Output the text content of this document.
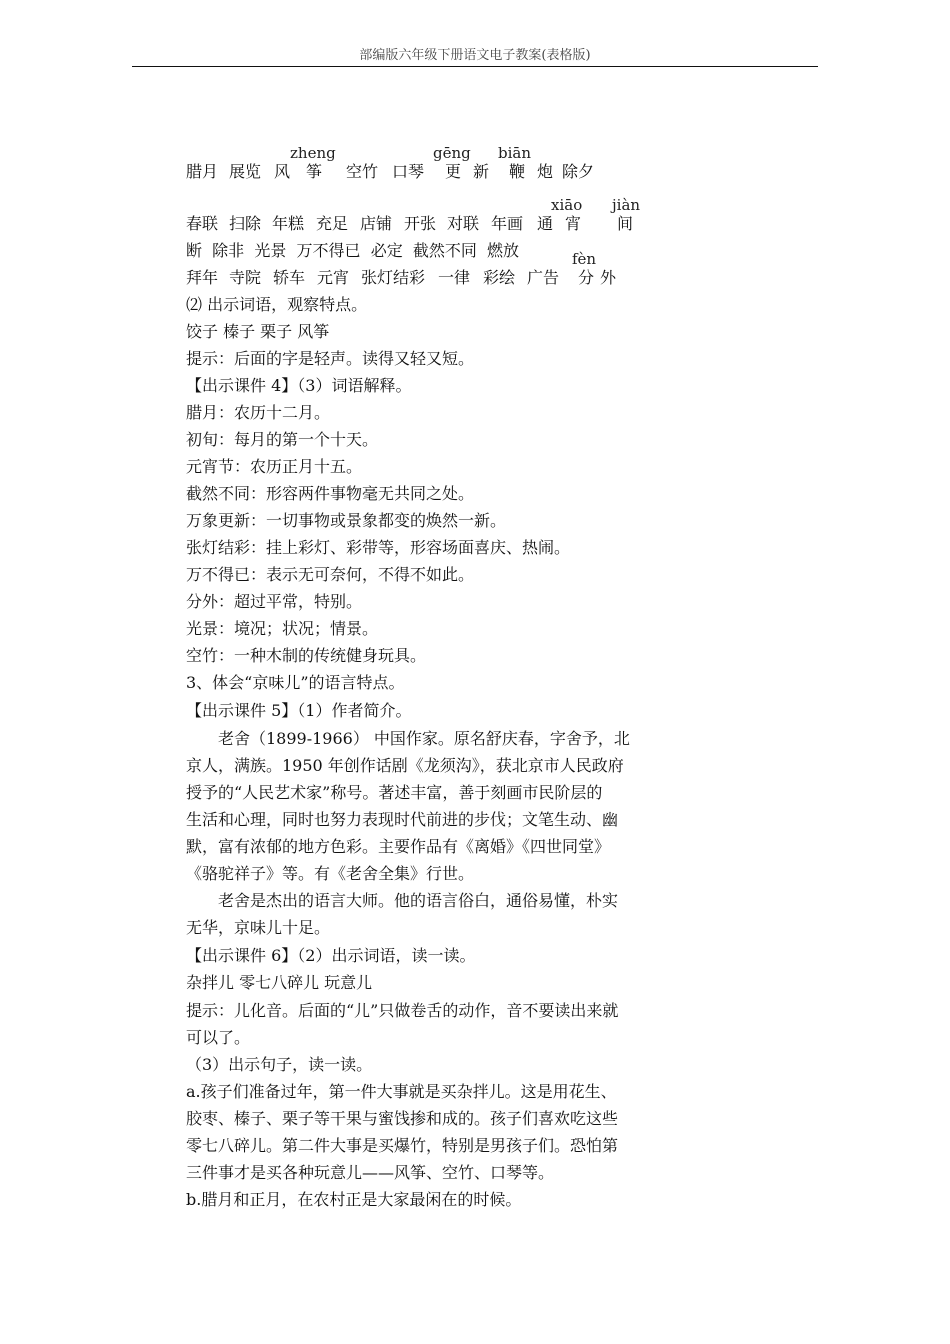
部编版六年级下册语文电子教案(表格版)
zheng	gēng biān
腊月 展览 风 筝 空竹 口琴 更 新 鞭 炮 除夕
xiāo jiàn
春联 扫除 年糕 充足 店铺 开张 对联 年画 通 宵 间
断  除非  光景  万不得已  必定  截然不同  燃放	fèn
拜年 寺院 轿车 元宵 张灯结彩 一律 彩绘 广告 分 外
⑵ 出示词语，观察特点。
饺子 榛子 栗子 风筝
提示：后面的字是轻声。读得又轻又短。
【出示课件 4】（3）词语解释。
腊月：农历十二月。
初旬：每月的第一个十天。
元宵节：农历正月十五。
截然不同：形容两件事物毫无共同之处。
万象更新：一切事物或景象都变的焕然一新。
张灯结彩：挂上彩灯、彩带等，形容场面喜庆、热闹。
万不得已：表示无可奈何，不得不如此。
分外：超过平常，特别。
光景：境况；状况；情景。
空竹：一种木制的传统健身玩具。
3、体会“京味儿”的语言特点。
【出示课件 5】（1）作者简介。
老舍（1899-1966） 中国作家。原名舒庆春，字舍予，北
京人，满族。1950 年创作话剧《龙须沟》，获北京市人民政府
授予的“人民艺术家”称号。著述丰富，善于刻画市民阶层的
生活和心理，同时也努力表现时代前进的步伐；文笔生动、幽
默，富有浓郁的地方色彩。主要作品有《离婚》《四世同堂》
《骆驼祥子》等。有《老舍全集》行世。
老舍是杰出的语言大师。他的语言俗白，通俗易懂，朴实
无华，京味儿十足。
【出示课件 6】（2）出示词语，读一读。
杂拌儿 零七八碎儿 玩意儿
提示：儿化音。后面的“儿”只做卷舌的动作，音不要读出来就
可以了。
（3）出示句子，读一读。
a.孩子们准备过年，第一件大事就是买杂拌儿。这是用花生、
胶枣、榛子、栗子等干果与蜜饯掺和成的。孩子们喜欢吃这些
零七八碎儿。第二件大事是买爆竹，特别是男孩子们。恐怕第
三件事才是买各种玩意儿——风筝、空竹、口琴等。
b.腊月和正月，在农村正是大家最闲在的时候。
